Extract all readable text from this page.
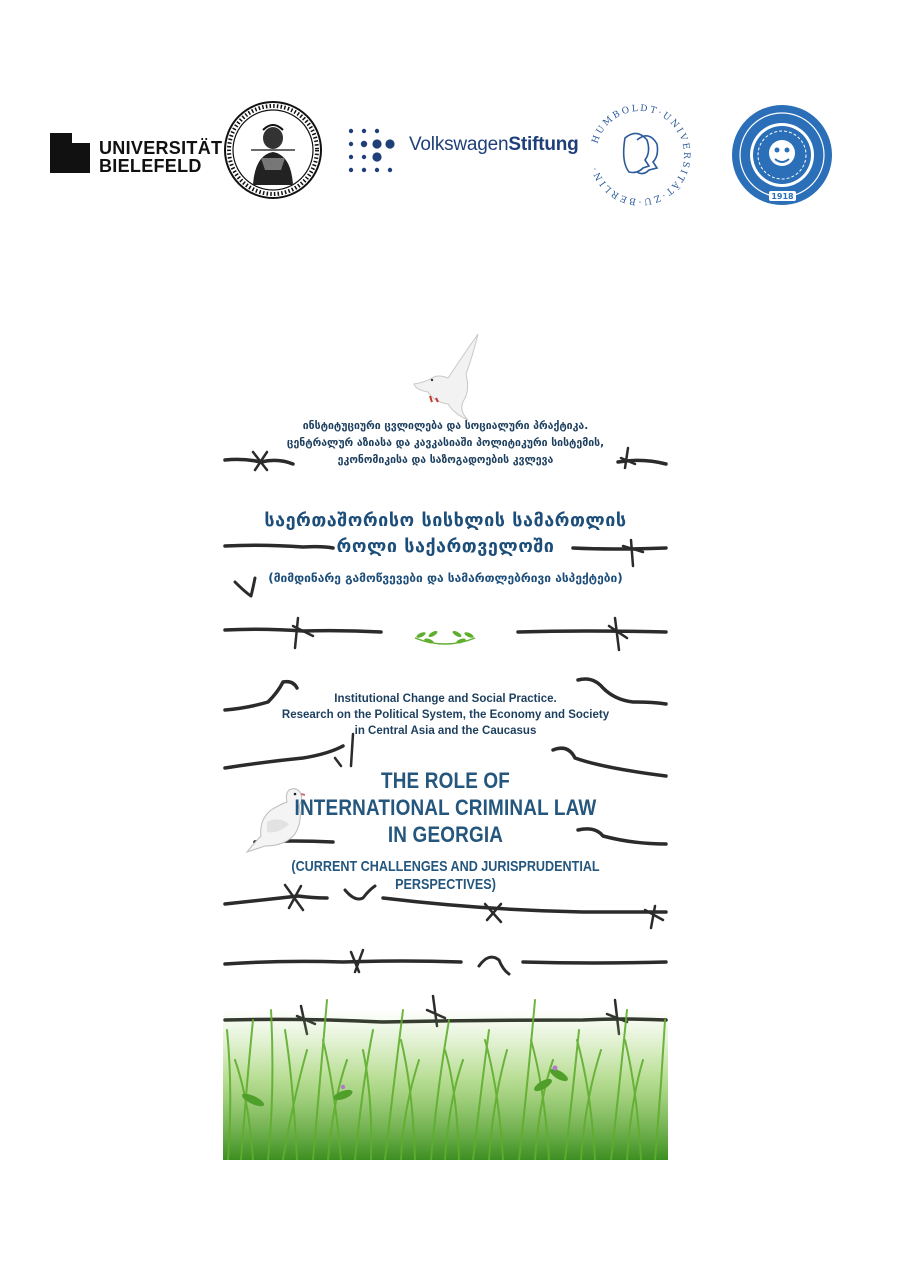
UNIVERSITÄT
BIELEFELD
VolkswagenStiftung HUMBOLDT·UNIVERSITÄT·ZU·BERLIN·
1918
ინსტიტუციური ცვლილება და სოციალური პრაქტიკა.
ცენტრალურ აზიასა და კავკასიაში პოლიტიკური სისტემის,
ეკონომიკისა და საზოგადოების კვლევა
საერთაშორისო სისხლის სამართლის
როლი საქართველოში
(მიმდინარე გამოწვევები და სამართლებრივი ასპექტები)
Institutional Change and Social Practice.
Research on the Political System, the Economy and Society
in Central Asia and the Caucasus
THE ROLE OF
INTERNATIONAL CRIMINAL LAW
IN GEORGIA
(CURRENT CHALLENGES AND JURISPRUDENTIAL PERSPECTIVES)
